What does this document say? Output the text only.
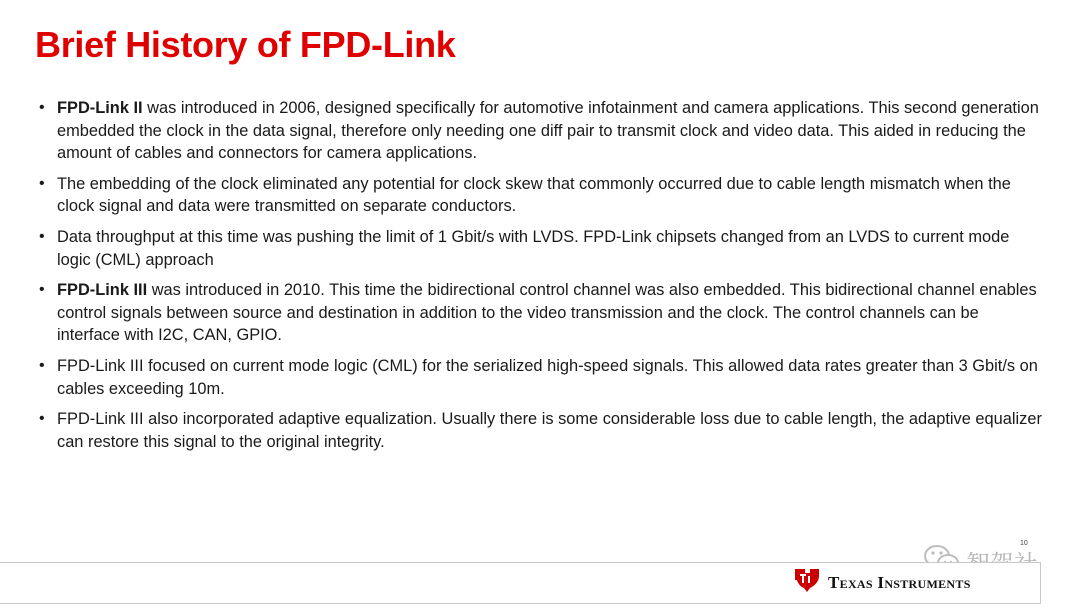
Brief History of FPD-Link
• FPD-Link II was introduced in 2006, designed specifically for automotive infotainment and camera applications. This second generation embedded the clock in the data signal, therefore only needing one diff pair to transmit clock and video data. This aided in reducing the amount of cables and connectors for camera applications.
• The embedding of the clock eliminated any potential for clock skew that commonly occurred due to cable length mismatch when the clock signal and data were transmitted on separate conductors.
• Data throughput at this time was pushing the limit of 1 Gbit/s with LVDS. FPD-Link chipsets changed from an LVDS to current mode logic (CML) approach
• FPD-Link III was introduced in 2010. This time the bidirectional control channel was also embedded. This bidirectional channel enables control signals between source and destination in addition to the video transmission and the clock. The control channels can be interface with I2C, CAN, GPIO.
• FPD-Link III focused on current mode logic (CML) for the serialized high-speed signals. This allowed data rates greater than 3 Gbit/s on cables exceeding 10m.
• FPD-Link III also incorporated adaptive equalization. Usually there is some considerable loss due to cable length, the adaptive equalizer can restore this signal to the original integrity.
10
Texas Instruments
